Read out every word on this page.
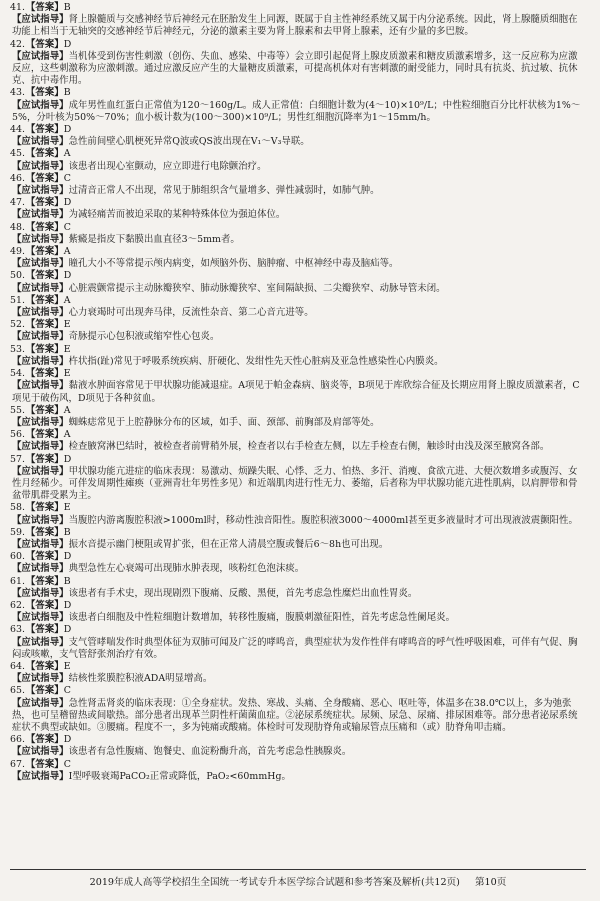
41.【答案】B
【应试指导】肾上腺髓质与交感神经节后神经元在胚胎发生上同源，既属于自主性神经系统又属于内分泌系统。因此，肾上腺髓质细胞在功能上相当于无轴突的交感神经节后神经元，分泌的激素主要为肾上腺素和去甲肾上腺素，还有少量的多巴胺。
42.【答案】D
【应试指导】当机体受到伤害性刺激（创伤、失血、感染、中毒等）会立即引起促肾上腺皮质激素和糖皮质激素增多，这一反应称为应激反应，这些刺激称为应激刺激。通过应激反应产生的大量糖皮质激素，可提高机体对有害刺激的耐受能力，同时具有抗炎、抗过敏、抗休克、抗中毒作用。
43.【答案】B
【应试指导】成年男性血红蛋白正常值为120～160g/L。成人正常值：白细胞计数为(4～10)×10⁹/L；中性粒细胞百分比杆状核为1%～5%，分叶核为50%～70%；血小板计数为(100～300)×10⁹/L；男性红细胞沉降率为1～15mm/h。
44.【答案】D
【应试指导】急性前间壁心肌梗死异常Q波或QS波出现在V₁～V₃导联。
45.【答案】A
【应试指导】该患者出现心室颤动，应立即进行电除颤治疗。
46.【答案】C
【应试指导】过清音正常人不出现，常见于肺组织含气量增多、弹性减弱时，如肺气肿。
47.【答案】D
【应试指导】为减轻痛苦而被迫采取的某种特殊体位为强迫体位。
48.【答案】C
【应试指导】紫癜是指皮下黏膜出血直径3～5mm者。
49.【答案】A
【应试指导】瞳孔大小不等常提示颅内病变，如颅脑外伤、脑肿瘤、中枢神经中毒及脑疝等。
50.【答案】D
【应试指导】心脏震颤常提示主动脉瓣狭窄、肺动脉瓣狭窄、室间隔缺损、二尖瓣狭窄、动脉导管未闭。
51.【答案】A
【应试指导】心力衰竭时可出现奔马律，反流性杂音、第二心音亢进等。
52.【答案】E
【应试指导】奇脉提示心包积液或缩窄性心包炎。
53.【答案】E
【应试指导】杵状指(趾)常见于呼吸系统疾病、肝硬化、发绀性先天性心脏病及亚急性感染性心内膜炎。
54.【答案】E
【应试指导】黏液水肿面容常见于甲状腺功能减退症。A项见于帕金森病、脑炎等，B项见于库欣综合征及长期应用肾上腺皮质激素者，C项见于破伤风，D项见于各种贫血。
55.【答案】A
【应试指导】蜘蛛痣常见于上腔静脉分布的区域，如手、面、颈部、前胸部及肩部等处。
56.【答案】A
【应试指导】检查腋窝淋巴结时，被检查者前臂稍外展，检查者以右手检查左侧，以左手检查右侧，触诊时由浅及深至腋窝各部。
57.【答案】D
【应试指导】甲状腺功能亢进症的临床表现：易激动、烦躁失眠、心悸、乏力、怕热、多汗、消瘦、食欲亢进、大便次数增多或腹泻、女性月经稀少。可伴发周期性瘫痪（亚洲青壮年男性多见）和近端肌肉进行性无力、萎缩，后者称为甲状腺功能亢进性肌病，以肩胛带和骨盆带肌群受累为主。
58.【答案】E
【应试指导】当腹腔内游离腹腔积液>1000ml时，移动性浊音阳性。腹腔积液3000～4000ml甚至更多液量时才可出现液波震颤阳性。
59.【答案】B
【应试指导】振水音提示幽门梗阻或胃扩张，但在正常人清晨空腹或餐后6～8h也可出现。
60.【答案】D
【应试指导】典型急性左心衰竭可出现肺水肿表现，咳粉红色泡沫痰。
61.【答案】B
【应试指导】该患者有手术史，现出现剧烈下腹痛、反酸、黑便，首先考虑急性糜烂出血性胃炎。
62.【答案】D
【应试指导】该患者白细胞及中性粒细胞计数增加，转移性腹痛，腹膜刺激征阳性，首先考虑急性阑尾炎。
63.【答案】D
【应试指导】支气管哮喘发作时典型体征为双肺可闻及广泛的哮鸣音，典型症状为发作性伴有哮鸣音的呼气性呼吸困难，可伴有气促、胸闷或咳嗽，支气管舒张剂治疗有效。
64.【答案】E
【应试指导】结核性浆膜腔积液ADA明显增高。
65.【答案】C
【应试指导】急性肾盂肾炎的临床表现：①全身症状。发热、寒战、头痛、全身酸痛、恶心、呕吐等，体温多在38.0℃以上，多为弛张热，也可呈稽留热或间歇热。部分患者出现革兰阴性杆菌菌血症。②泌尿系统症状。尿频、尿急、尿痛、排尿困难等。部分患者泌尿系统症状不典型或缺如。③腰痛。程度不一，多为钝痛或酸痛。体检时可发现肋脊角或输尿管点压痛和（或）肋脊角叩击痛。
66.【答案】D
【应试指导】该患者有急性腹痛、饱餐史、血淀粉酶升高，首先考虑急性胰腺炎。
67.【答案】C
【应试指导】Ⅰ型呼吸衰竭PaCO₂正常或降低，PaO₂<60mmHg。
2019年成人高等学校招生全国统一考试专升本医学综合试题和参考答案及解析(共12页) 第10页
